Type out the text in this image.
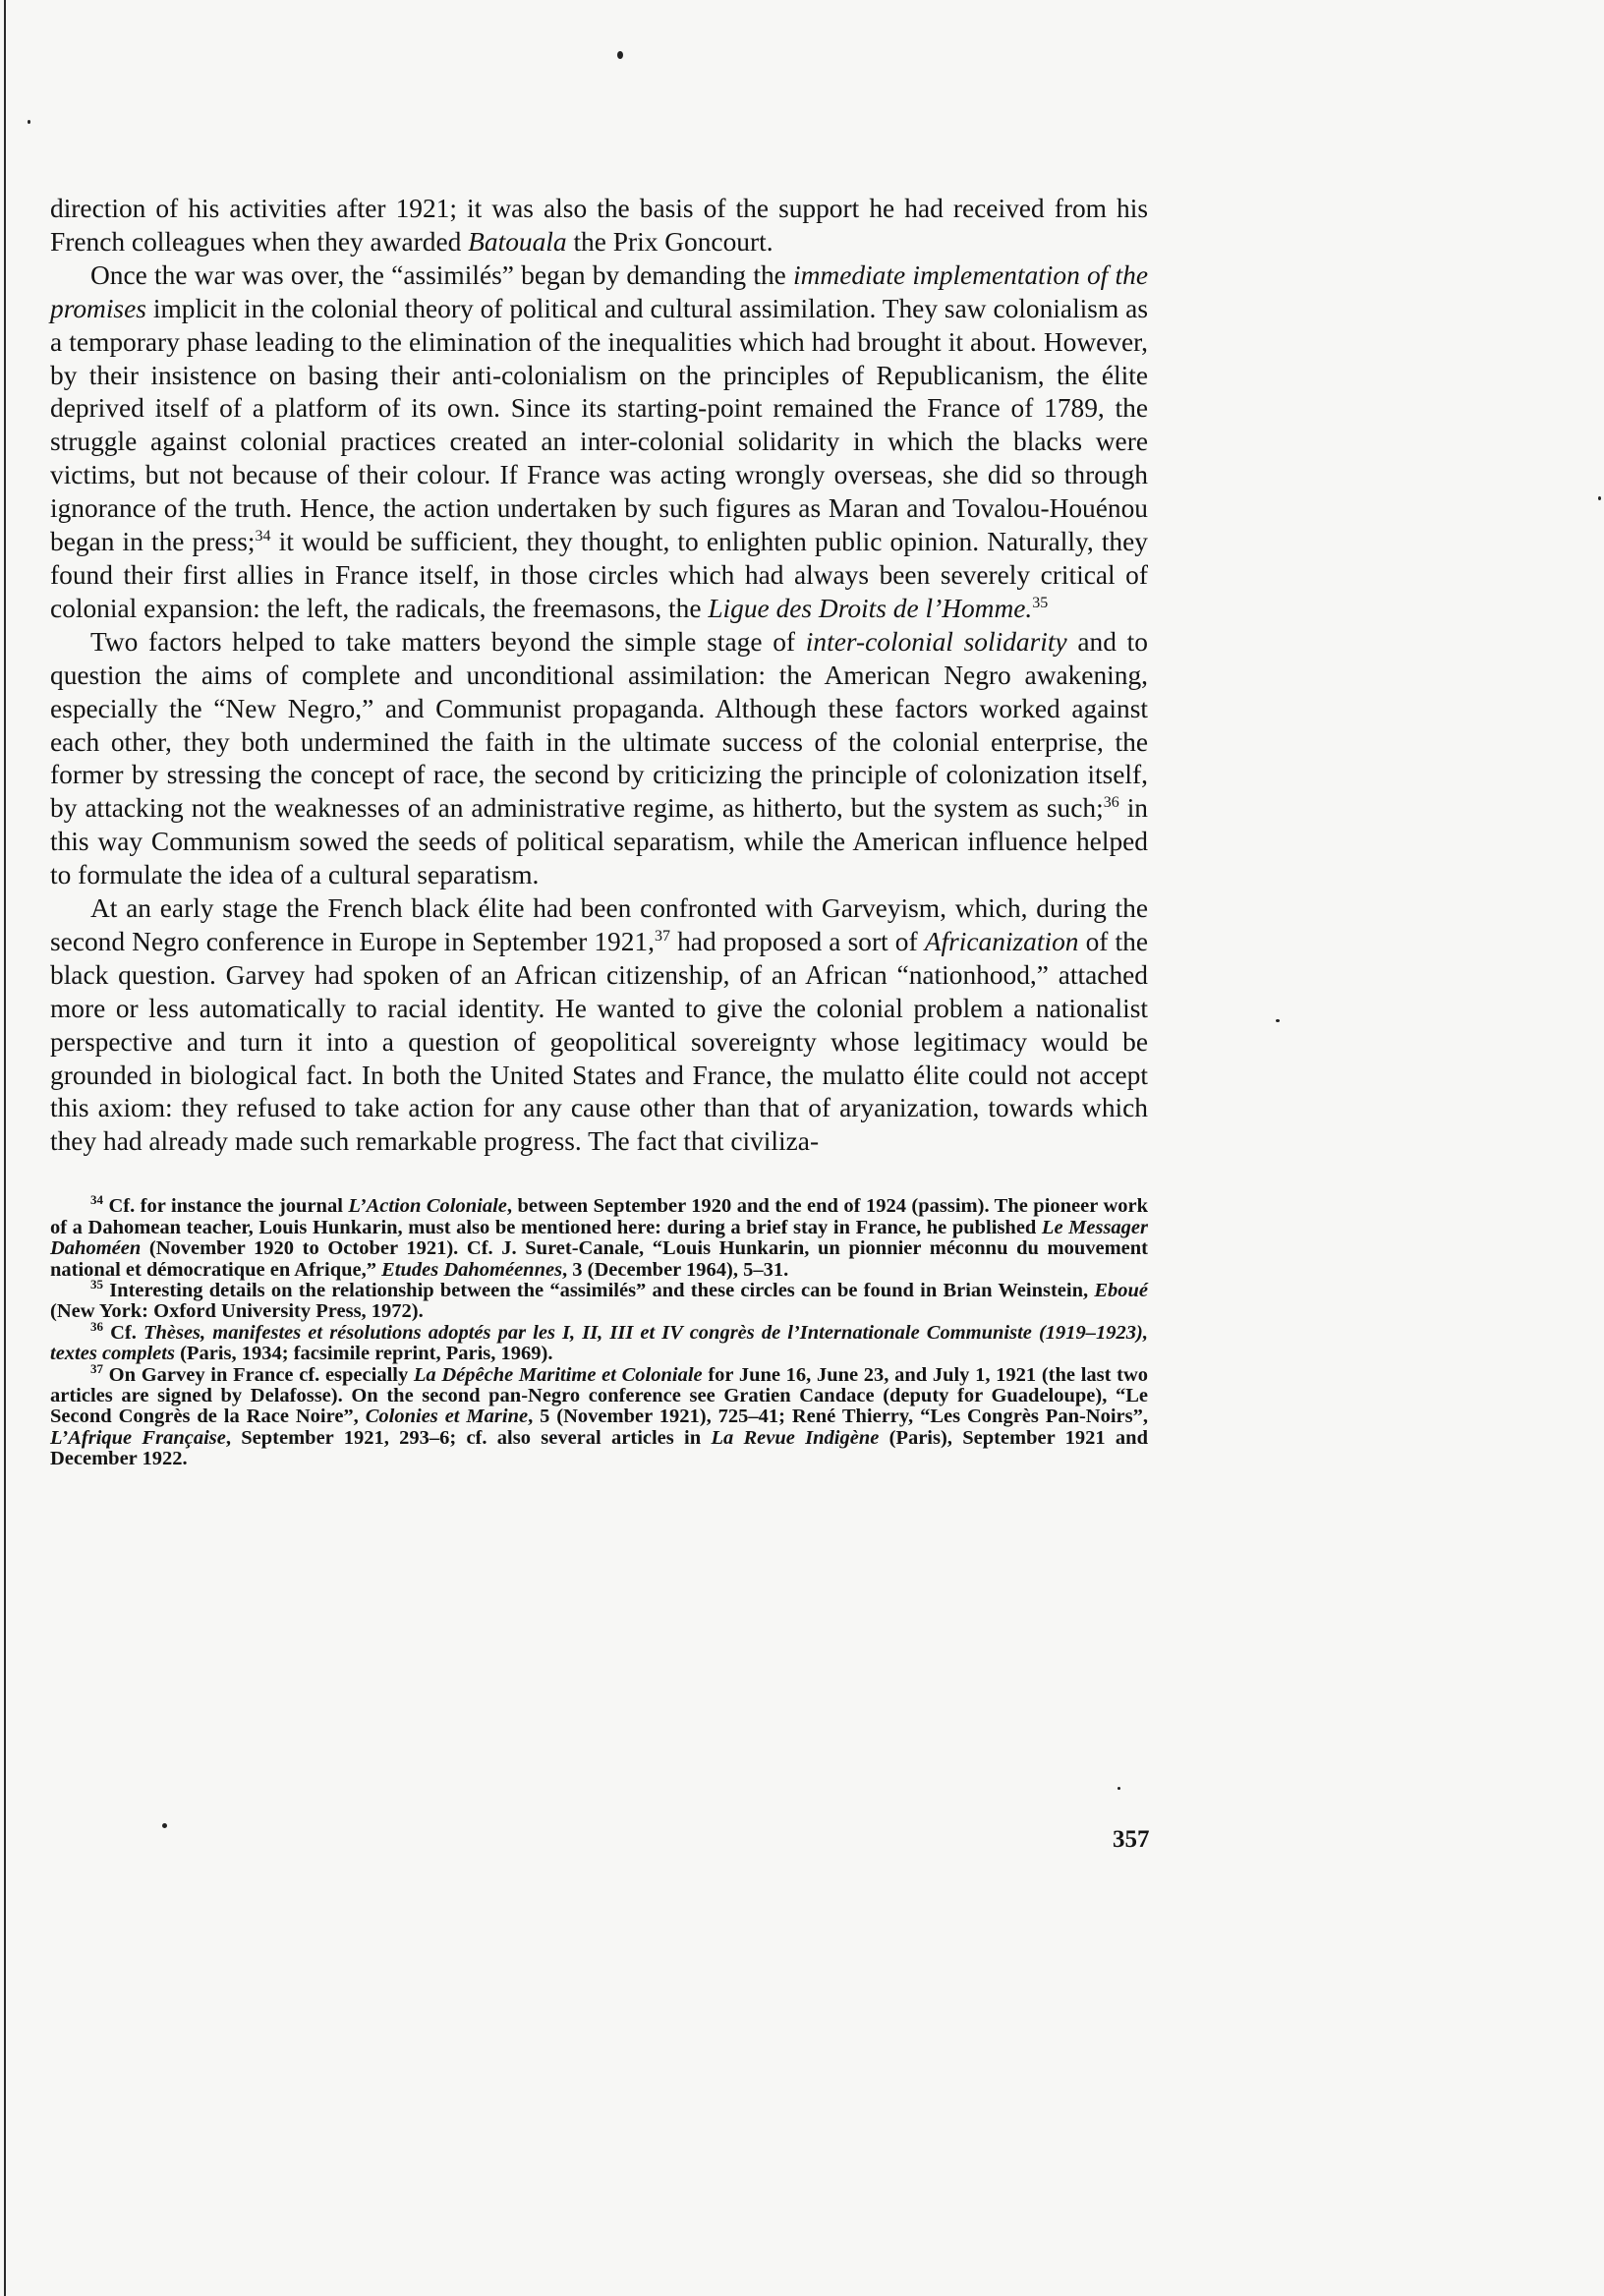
direction of his activities after 1921; it was also the basis of the support he had received from his French colleagues when they awarded Batouala the Prix Goncourt.

Once the war was over, the “assimilés” began by demanding the immediate implementation of the promises implicit in the colonial theory of political and cultural assimilation. They saw colonialism as a temporary phase leading to the elimination of the inequalities which had brought it about. However, by their insistence on basing their anti-colonialism on the principles of Republicanism, the élite deprived itself of a platform of its own. Since its starting-point remained the France of 1789, the struggle against colonial practices created an inter-colonial solidarity in which the blacks were victims, but not because of their colour. If France was acting wrongly overseas, she did so through ignorance of the truth. Hence, the action undertaken by such figures as Maran and Tovalou-Houénou began in the press;$^{34}$ it would be sufficient, they thought, to enlighten public opinion. Naturally, they found their first allies in France itself, in those circles which had always been severely critical of colonial expansion: the left, the radicals, the freemasons, the Ligue des Droits de l’Homme.$^{35}$

Two factors helped to take matters beyond the simple stage of inter-colonial solidarity and to question the aims of complete and unconditional assimilation: the American Negro awakening, especially the “New Negro,” and Communist propaganda. Although these factors worked against each other, they both undermined the faith in the ultimate success of the colonial enterprise, the former by stressing the concept of race, the second by criticizing the principle of colonization itself, by attacking not the weaknesses of an administrative regime, as hitherto, but the system as such;$^{36}$ in this way Communism sowed the seeds of political separatism, while the American influence helped to formulate the idea of a cultural separatism.

At an early stage the French black élite had been confronted with Garveyism, which, during the second Negro conference in Europe in September 1921,37 had proposed a sort of Africanization of the black question. Garvey had spoken of an African citizenship, of an African “nationhood,” attached more or less automatically to racial identity. He wanted to give the colonial problem a nationalist perspective and turn it into a question of geopolitical sovereignty whose legitimacy would be grounded in biological fact. In both the United States and France, the mulatto élite could not accept this axiom: they refused to take action for any cause other than that of aryanization, towards which they had already made such remarkable progress. The fact that civiliza-

$^{34}$ Cf. for instance the journal L’Action Coloniale, between September 1920 and the end of 1924 (passim). The pioneer work of a Dahomean teacher, Louis Hunkarin, must also be mentioned here: during a brief stay in France, he published Le Messager Dahoméen (November 1920 to October 1921). Cf. J. Suret-Canale, “Louis Hunkarin, un pionnier méconnu du mouvement national et démocratique en Afrique,” Etudes Dahoméennes, 3 (December 1964), 5–31.

$^{35}$ Interesting details on the relationship between the “assimilés” and these circles can be found in Brian Weinstein, Eboué (New York: Oxford University Press, 1972).

$^{36}$ Cf. Thèses, manifestes et résolutions adoptés par les I, II, III et IV congrès de l’Internationale Communiste (1919–1923), textes complets (Paris, 1934; facsimile reprint, Paris, 1969).

$^{37}$ On Garvey in France cf. especially La Dépêche Maritime et Coloniale for June 16, June 23, and July 1, 1921 (the last two articles are signed by Delafosse). On the second pan-Negro conference see Gratien Candace (deputy for Guadeloupe), “Le Second Congrès de la Race Noire”, Colonies et Marine, 5 (November 1921), 725–41; René Thierry, “Les Congrès Pan-Noirs”, L’Afrique Française, September 1921, 293–6; cf. also several articles in La Revue Indigène (Paris), September 1921 and December 1922.

357
